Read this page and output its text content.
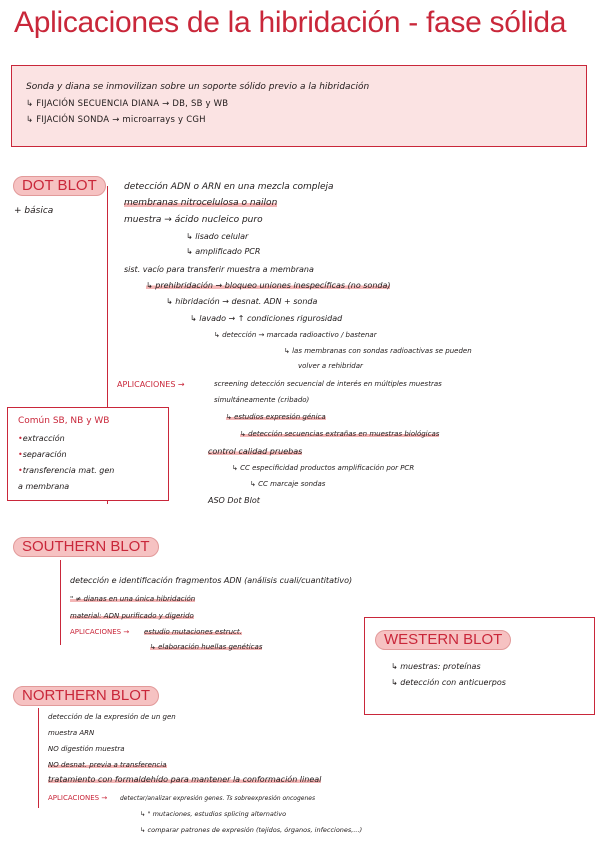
Aplicaciones de la hibridación - fase sólida
Sonda y diana se inmovilizan sobre un soporte sólido previo a la hibridación
↳ FIJACIÓN SECUENCIA DIANA → DB, SB y WB
↳ FIJACIÓN SONDA → microarrays y CGH
DOT BLOT
+ básica
detección ADN o ARN en una mezcla compleja
membranas nitrocelulosa o nailon
muestra → ácido nucleico puro
↳ lisado celular
↳ amplificado PCR
sist. vacío para transferir muestra a membrana
↳ prehibridación → bloqueo uniones inespecíficas (no sonda)
↳ hibridación → desnat. ADN + sonda
↳ lavado → ↑ condiciones rigurosidad
↳ detección → marcada radioactivo / bastenar
↳ las membranas con sondas radioactivas se pueden
volver a rehibridar
APLICACIONES →	screening detección secuencial de interés en múltiples muestras
simultáneamente (cribado)
↳ estudios expresión génica
↳ detección secuencias extrañas en muestras biológicas
control calidad pruebas
↳ CC especificidad productos amplificación por PCR
↳ CC marcaje sondas
ASO Dot Blot
Común SB, NB y WB
•extracción
•separación
•transferencia mat. gen
a membrana
SOUTHERN BLOT
detección e identificación fragmentos ADN (análisis cuali/cuantitativo)
" ≠ dianas en una única hibridación
material: ADN purificado y digerido
APLICACIONES → estudio mutaciones estruct.
↳ elaboración huellas genéticas	WESTERN BLOT
↳ muestras: proteínas
↳ detección con anticuerpos
NORTHERN BLOT
detección de la expresión de un gen
muestra ARN
NO digestión muestra
NO desnat. previa a transferencia
tratamiento con formaldehído para mantener la conformación lineal
APLICACIONES → detectar/analizar expresión genes. Ts sobreexpresión oncogenes
↳ " mutaciones, estudios splicing alternativo
↳ comparar patrones de expresión (tejidos, órganos, infecciones,...)
